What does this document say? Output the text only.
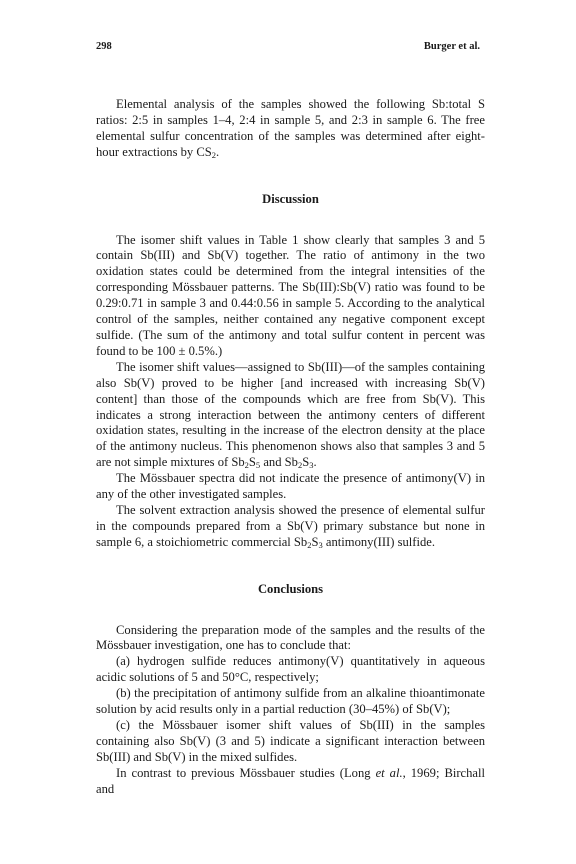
298	Burger et al.

Elemental analysis of the samples showed the following Sb:total S ratios: 2:5 in samples 1–4, 2:4 in sample 5, and 2:3 in sample 6. The free elemental sulfur concentration of the samples was determined after eight-hour extractions by $CS_2$.

Discussion

The isomer shift values in Table 1 show clearly that samples 3 and 5 contain Sb(III) and Sb(V) together. The ratio of antimony in the two oxidation states could be determined from the integral intensities of the corresponding Mössbauer patterns. The Sb(III):Sb(V) ratio was found to be 0.29:0.71 in sample 3 and 0.44:0.56 in sample 5. According to the analytical control of the samples, neither contained any negative component except sulfide. (The sum of the antimony and total sulfur content in percent was found to be 100 ± 0.5%.)

The isomer shift values—assigned to Sb(III)—of the samples containing also Sb(V) proved to be higher [and increased with increasing Sb(V) content] than those of the compounds which are free from Sb(V). This indicates a strong interaction between the antimony centers of different oxidation states, resulting in the increase of the electron density at the place of the antimony nucleus. This phenomenon shows also that samples 3 and 5 are not simple mixtures of $Sb_2S_5$ and $Sb_2S_3$.

The Mössbauer spectra did not indicate the presence of antimony(V) in any of the other investigated samples.

The solvent extraction analysis showed the presence of elemental sulfur in the compounds prepared from a Sb(V) primary substance but none in sample 6, a stoichiometric commercial $Sb_2S_3$ antimony(III) sulfide.

Conclusions

Considering the preparation mode of the samples and the results of the Mössbauer investigation, one has to conclude that:

(a) hydrogen sulfide reduces antimony(V) quantitatively in aqueous acidic solutions of 5 and 50°C, respectively;

(b) the precipitation of antimony sulfide from an alkaline thioantimonate solution by acid results only in a partial reduction (30–45%) of Sb(V);

(c) the Mössbauer isomer shift values of Sb(III) in the samples containing also Sb(V) (3 and 5) indicate a significant interaction between Sb(III) and Sb(V) in the mixed sulfides.

In contrast to previous Mössbauer studies (Long et al., 1969; Birchall and
